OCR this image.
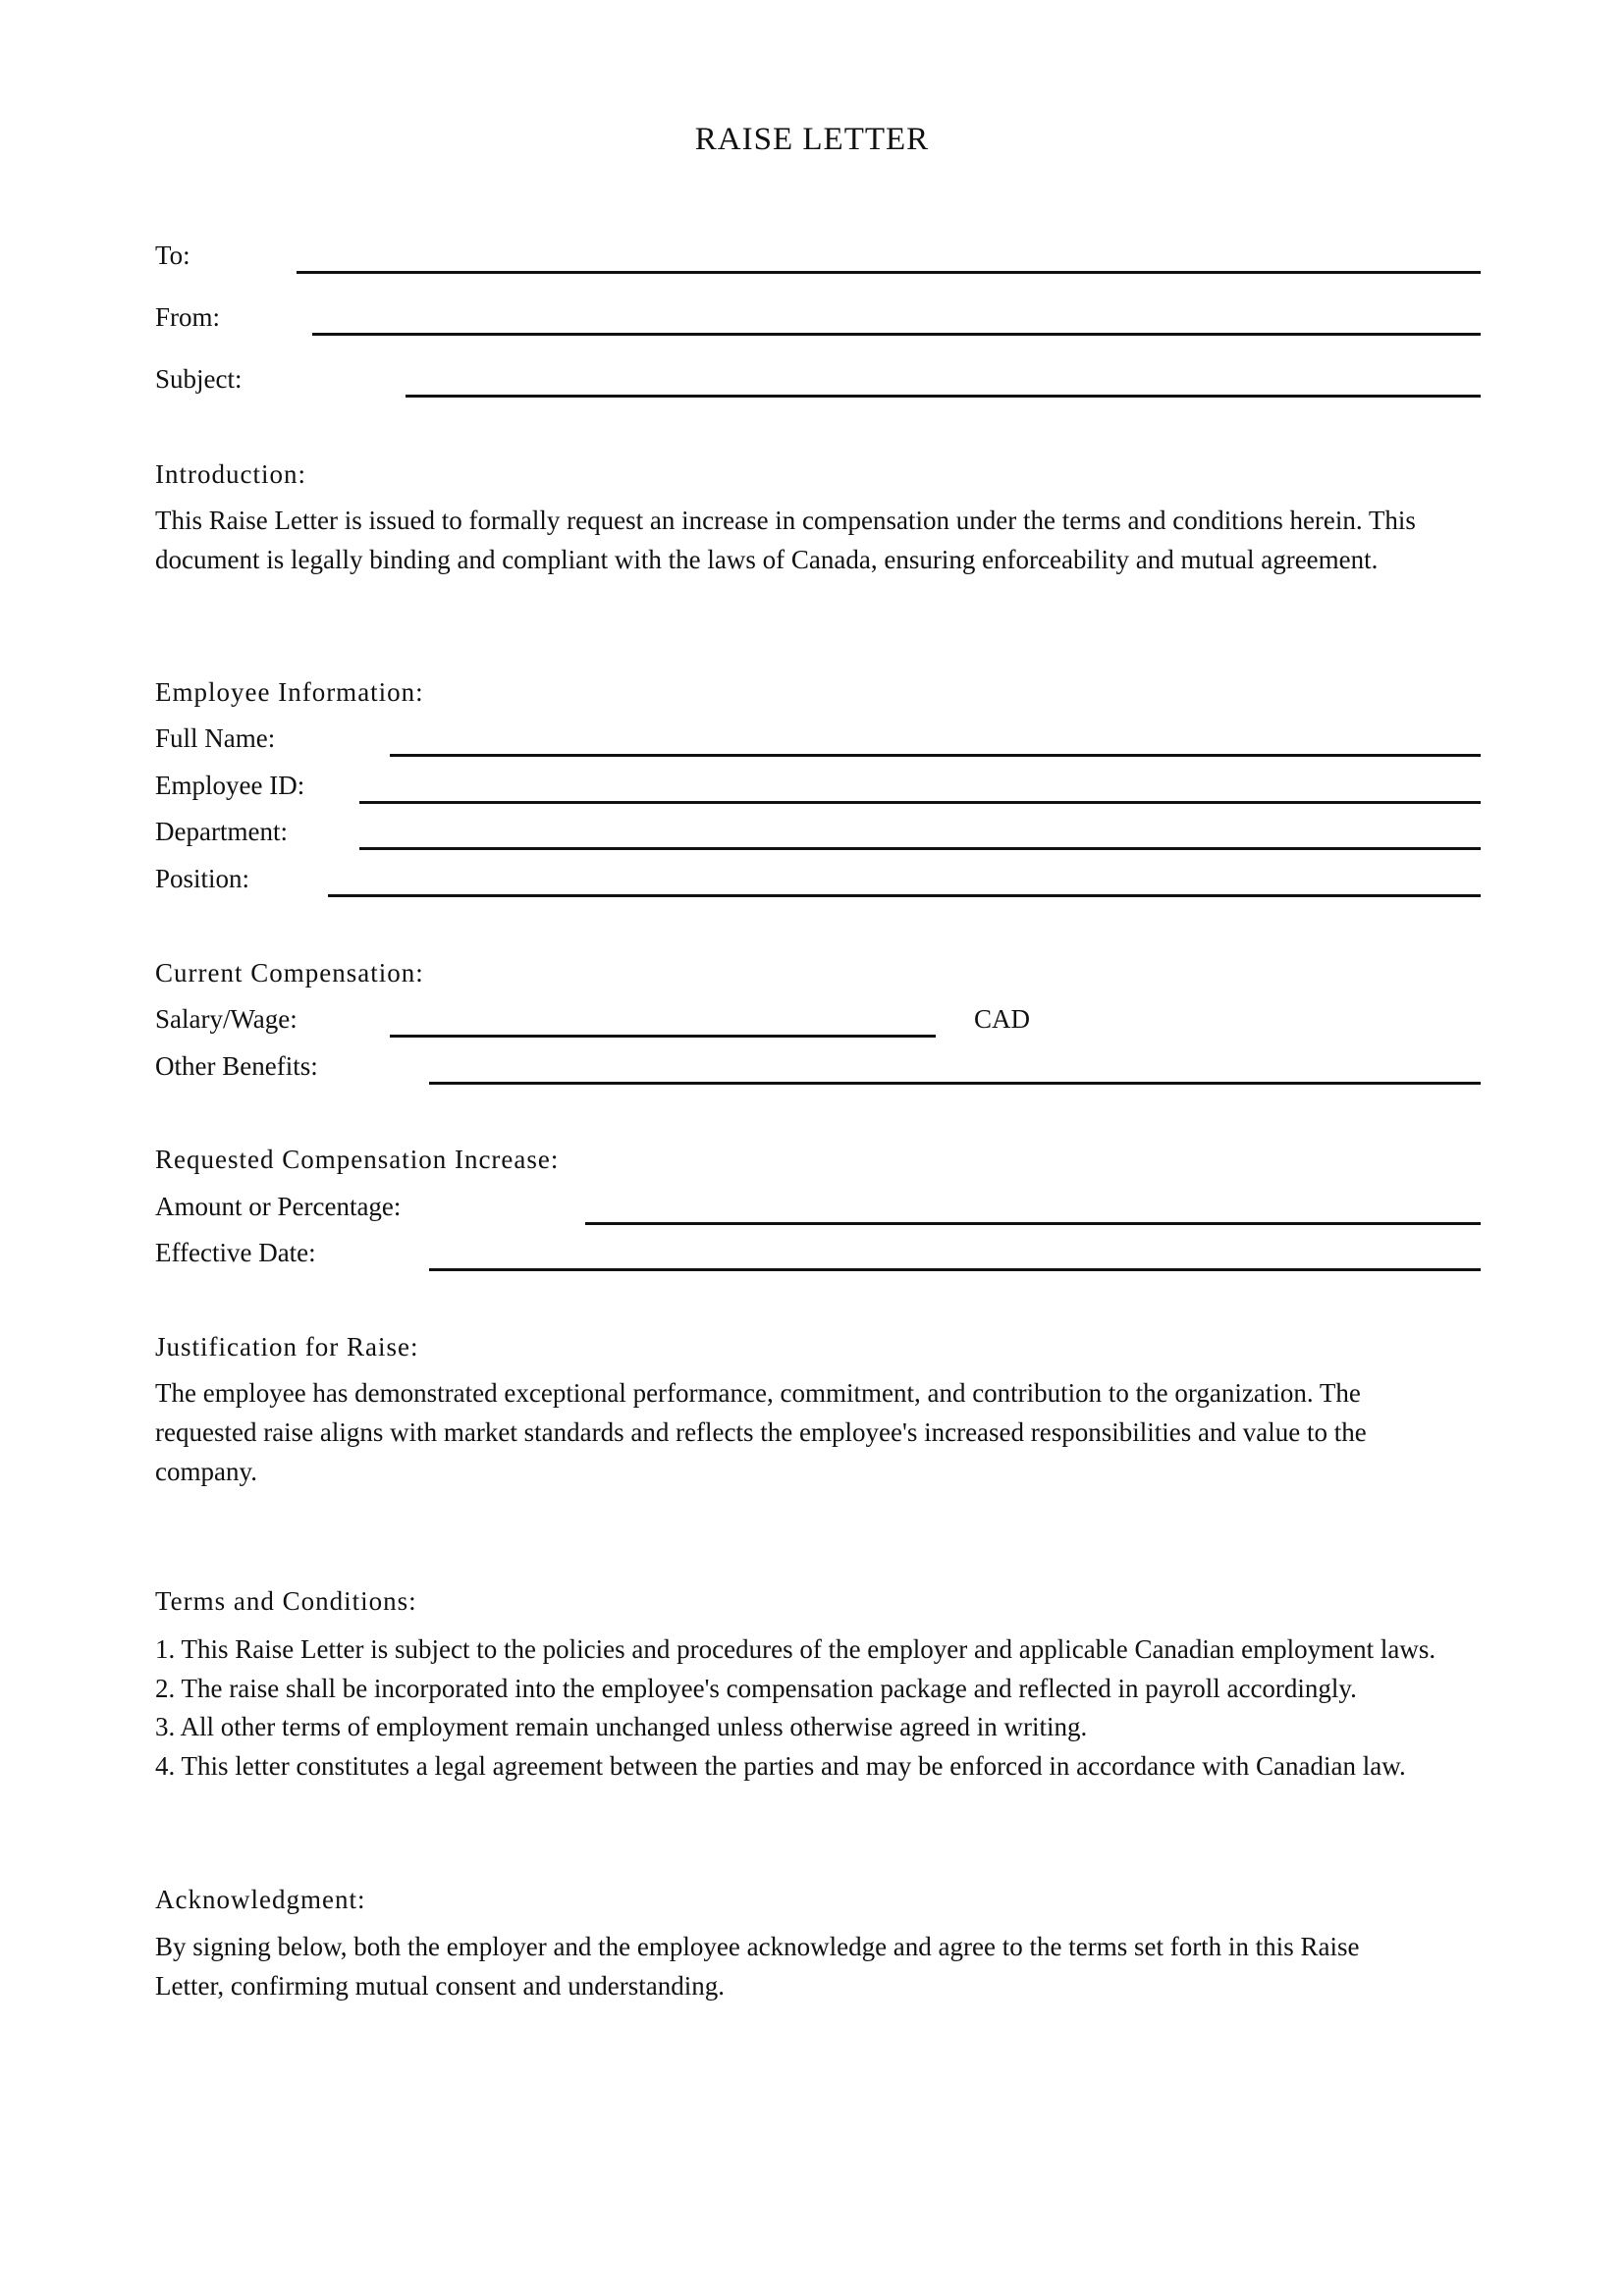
RAISE LETTER
To:
From:
Subject:
Introduction:
This Raise Letter is issued to formally request an increase in compensation under the terms and conditions herein. This
document is legally binding and compliant with the laws of Canada, ensuring enforceability and mutual agreement.
Employee Information:
Full Name:
Employee ID:
Department:
Position:
Current Compensation:
Salary/Wage:	CAD
Other Benefits:
Requested Compensation Increase:
Amount or Percentage:
Effective Date:
Justification for Raise:
The employee has demonstrated exceptional performance, commitment, and contribution to the organization. The
requested raise aligns with market standards and reflects the employee's increased responsibilities and value to the
company.
Terms and Conditions:
1. This Raise Letter is subject to the policies and procedures of the employer and applicable Canadian employment laws.
2. The raise shall be incorporated into the employee's compensation package and reflected in payroll accordingly.
3. All other terms of employment remain unchanged unless otherwise agreed in writing.
4. This letter constitutes a legal agreement between the parties and may be enforced in accordance with Canadian law.
Acknowledgment:
By signing below, both the employer and the employee acknowledge and agree to the terms set forth in this Raise
Letter, confirming mutual consent and understanding.
